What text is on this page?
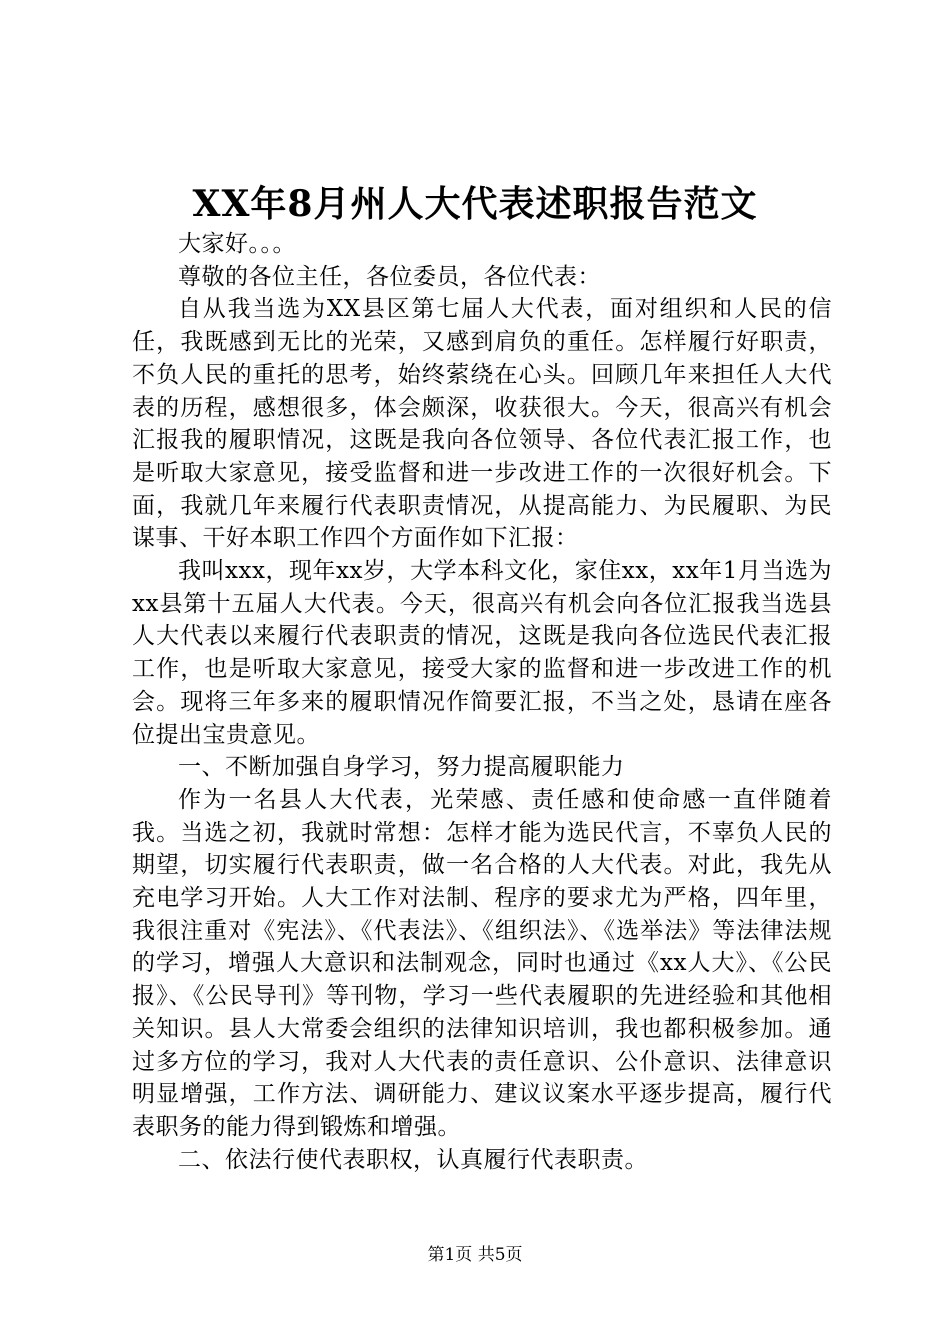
XX年8月州人大代表述职报告范文

大家好。。。

尊敬的各位主任，各位委员，各位代表：

自从我当选为XX县区第七届人大代表，面对组织和人民的信任，我既感到无比的光荣，又感到肩负的重任。怎样履行好职责，不负人民的重托的思考，始终萦绕在心头。回顾几年来担任人大代表的历程，感想很多，体会颇深，收获很大。今天，很高兴有机会汇报我的履职情况，这既是我向各位领导、各位代表汇报工作，也是听取大家意见，接受监督和进一步改进工作的一次很好机会。下面，我就几年来履行代表职责情况，从提高能力、为民履职、为民谋事、干好本职工作四个方面作如下汇报：

我叫xxx，现年xx岁，大学本科文化，家住xx，xx年1月当选为xx县第十五届人大代表。今天，很高兴有机会向各位汇报我当选县人大代表以来履行代表职责的情况，这既是我向各位选民代表汇报工作，也是听取大家意见，接受大家的监督和进一步改进工作的机会。现将三年多来的履职情况作简要汇报，不当之处，恳请在座各位提出宝贵意见。

一、不断加强自身学习，努力提高履职能力

作为一名县人大代表，光荣感、责任感和使命感一直伴随着我。当选之初，我就时常想：怎样才能为选民代言，不辜负人民的期望，切实履行代表职责，做一名合格的人大代表。对此，我先从充电学习开始。人大工作对法制、程序的要求尤为严格，四年里，我很注重对《宪法》、《代表法》、《组织法》、《选举法》等法律法规的学习，增强人大意识和法制观念，同时也通过《xx人大》、《公民报》、《公民导刊》等刊物，学习一些代表履职的先进经验和其他相关知识。县人大常委会组织的法律知识培训，我也都积极参加。通过多方位的学习，我对人大代表的责任意识、公仆意识、法律意识明显增强，工作方法、调研能力、建议议案水平逐步提高，履行代表职务的能力得到锻炼和增强。

二、依法行使代表职权，认真履行代表职责。

第1页 共5页
